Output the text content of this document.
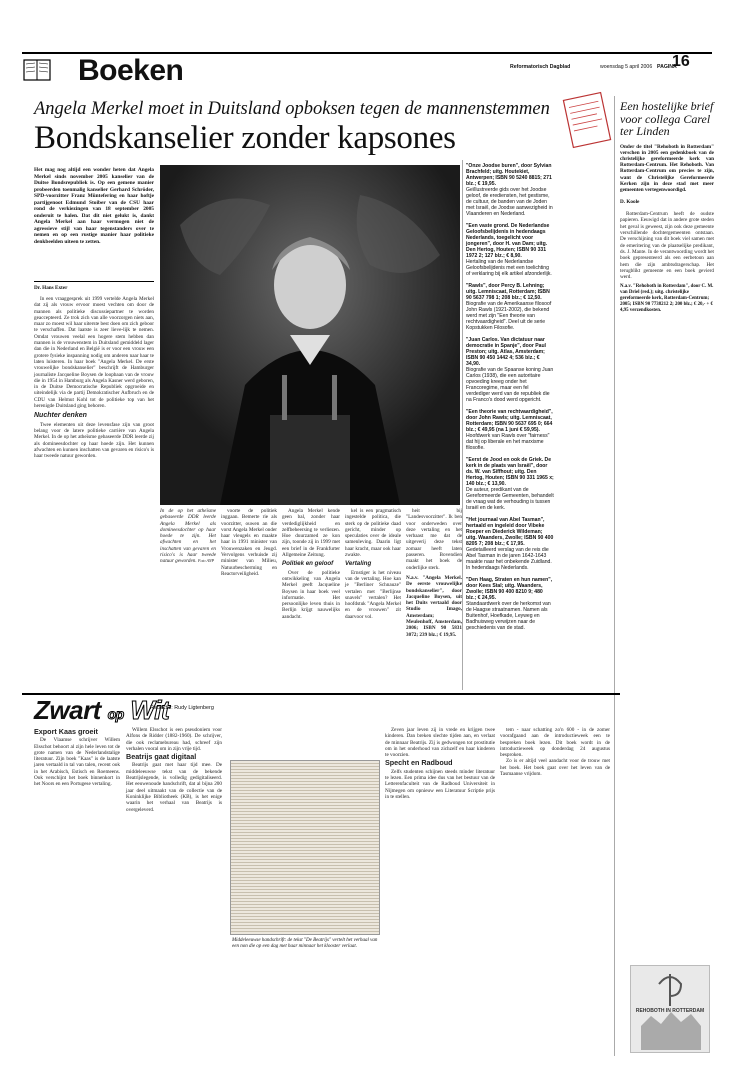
Boeken	Reformatorisch Dagblad	woensdag 5 april 2006 PAGINA
16
Angela Merkel moet in Duitsland opboksen tegen de mannenstemmen
Bondskanselier zonder kapsones
Het mag nog altijd een wonder heten dat Angela Merkel sinds november 2005 kanselier van de Duitse Bondsrepubliek is. Op een gemene manier probeerden toenmalig kanselier Gerhard Schröder, SPD-voorzitter Franz Müntefering en haar hoftje partijgenoot Edmund Stoiber van de CSU haar rond de verkiezingen van 18 september 2005 onderuit te halen. Dat dit niet gelukt is, dankt Angela Merkel aan haar vermogen niet de agressieve stijl van haar tegenstanders over te nemen en op een rustige manier haar politieke denkbeelden uiteen te zetten.
Dr. Hans Exter

In een vraaggesprek uit 1999 vertelde Angela Merkel dat zij als vrouw ervoor moest vechten om door de mannen als politieke discussiepartner te worden geaccepteerd. Ze trok zich van alle voorzorgen niets aan, maar zo moest wil haar uiterste best doen om zich geboor te verschaffen. Dat laatste is zeer lieve-lijk te nemen. Omdat vrouwen veelal een hogere stem hebben dan mannen is de vrouwenstem in Duitsland gemiddeld lager dan die in Nederland en België is er voor een vrouw een grotere fysieke inspanning nodig om anderen naar haar te laten luisteren. In haar boek "Angela Merkel. De erste vrouwelijke bondskanselier" beschrijft de Hamburger journaliste Jacqueline Boysen de loopbaan van de vrouw die in 1954 in Hamburg als Angela Kasner werd geboren, in de Duitse Democratische Republiek opgroeide en uiteindelijk via de partij Demokratischer Aufbruch en de CDU van Helmut Kohl tot de politieke top van het herenigde Duitsland ging behoren.

Nuchter denken

Twee elementen uit deze levensfase zijn van groot belang voor de latere politieke carrière van Angela Merkel. In de op het atheïsme gebaseerde DDR leerde zij als domineesdochter op haar hoede zijn. Het kunnen afwachten en kunnen inschatten van gevaren en risico's is haar tweede natuur geworden.

In de op het atheïsme gebaseerde DDR leerde Angela Merkel als domineesdochter op haar hoede te zijn. Het afwachten en het inschatten van gevaren en risico's is haar tweede natuur geworden. Foto ANP

voorte de politiek inggaan. Bemerte rie als voorzitter, ouwen an die vorst Angela Merkel onder haar vleugels en maakte haar in 1991 minister van Vrouwenzaken en Jeugd. Vervolgens verhuisde zij minister van Milieu, Natuurbescherming en Reactorveiligheid.

Angela Merkel kende geen bal, zonder haar verdediglijkheid en zelfbeheersing te verliezen. Hoe duurzamed ze kon zijn, toonde zij in 1999 met een brief in de Frankfurter Allgemeine Zeitung.

Politiek en geloof

Over de politieke ontwikkeling van Angela Merkel geeft Jacqueline Boysen in haar boek veel informatie. Het persoonlijke leven thuis in Berlijn krijgt nauwelijks aandacht.

kel is een pragmatisch ingestelde politica, die sterk op de politieke daad gericht, minder op speculaties over de ideale samenleving. Daarin ligt haar kracht, maar ook haar zwakte.

Vertaling

Ernstiger is het niveau van de vertaling. Hoe kan je "Berliner Schnauze" vertalen met "Berlijnse snavels" vertalen? Het hoofdstuk "Angela Merkel en de vrouwen" zit daarvoor vol.

heit bij "Landesvoorzitter". Ik ben voor onderweden over deze vertaling en het verbaast me dat de uitgeverij deze tekst zomaar heeft laten passeren. Bovendien maakt het boek de onderlijke sterk.

N.a.v. "Angela Merkel. De eerste vrouwelijke bondskanselier", door Jacqueline Boysen, uit het Duits vertaald door Studio Imago, Amsterdam; Meulenhoff, Amsterdam, 2006; ISBN 90 5831 3072; 239 blz.; € 19,95.

"Onze Joodse buren", door Sylvian Brachfeld; uitg. Houtekiet, Antwerpen; ISBN 90 5240 8815; 271 blz.; € 19,95.
Geïllustreerde gids over het Joodse geloof, de erediensten, het gestisme, de cultuur, de banden van de Joden met Israël, de Joodse aanwezigheid in Vlaanderen en Nederland.
"Een vaste grond. De Nederlandse Geloofsbelijdenis in hedendaags Nederlands, toegelicht voor jongeren", door H. van Dam; uitg. Den Hertog, Houten; ISBN 90 331 1972 2; 127 blz.; € 8,90.
Hertaling van de Nederlandse Geloofsbelijdenis met een toelichting of verklaring bij elk artikel afzonderlijk.
"Rawls", door Percy B. Lehning; uitg. Lemniscaat, Rotterdam; ISBN 90 5637 798 1; 208 blz.; € 12,50.
Biografie van de Amerikaanse filosoof John Rawls (1921-2002), die bekend werd met zijn "Een theorie van rechtvaardigheid". Deel uit de serie Kopstukken Filosofie.
"Juan Carlos. Van dictatuur naar democratie in Spanje", door Paul Preston; uitg. Atlas, Amsterdam; ISBN 90 450 1442 4; 536 blz.; € 34,90.
Biografie van de Spaanse koning Juan Carlos (1938), die een autoritaire opvoeding kreeg onder het Francoregime, maar een fel verdediger werd van de republiek die na Franco's dood werd opgericht.
"Een theorie van rechtvaardigheid", door John Rawls; uitg. Lemniscaat, Rotterdam; ISBN 90 5637 695 0; 664 blz.; € 49,95 (na 1 juni € 59,95).
Hoofdwerk van Rawls over "fairness" dat hij op liberale en het marxisme filosofie.
"Eerst de Jood en ook de Griek. De kerk in de plaats van Israël", door ds. W. van Siffhout; uitg. Den Hertog, Houten; ISBN 90 331 1965 x; 140 blz.; € 13,90.
De auteur, predikant van de Gereformeerde Gemeenten, behandelt de vraag wat de verhouding is tussen Israël en de kerk.
"Het journaal van Abel Tasman", hertaald en ingeleid door Vibeke Roeper en Diederick Wildeman; uitg. Waanders, Zwolle; ISBN 90 400 8205 7; 208 blz.; € 17,95.
Gedetailleerd verslag van de reis die Abel Tasman in de jaren 1642-1643 maakte naar het onbekende Zuidland. In hedendaags Nederlands.
"Den Haag, Straten en hun namen", door Kees Stal; uitg. Waanders, Zwolle; ISBN 90 400 8210 9; 480 blz.; € 24,95.
Standaardwerk over de herkomst van de Haagse straatnamen. Namen als Buitenhof, Hoefkade, Leyweg en Badhuisweg verwijzen naar de geschiedenis van de stad.
Een hostelijke brief voor collega Carel ter Linden
Onder de titel "Rehoboth in Rotterdam" verschen in 2005 een gedenkboek van de christelijke gereformeerde kerk van Rotterdam-Centrum. Het Rehoboth. Van Rotterdam-Centrum om precies te zijn, want de Christelijke Gereformeerde Kerken zijn in deze stad met meer gemeenten vertegenwoordigd.
D. Koole

Rotterdam-Centrum heeft de oudste papieren. Eeuwigd dat in andere grote steden het geval is geweest, zijn ook deze gemeente verschillende dochtergemeenten ontstaan. De verschijning van dit boek viel samen met de emeritering van de plaatselijke predikant, ds. J. Mante. In de verantwoording wordt het boek gepresenteerd als een eerbetoon aan hem die zijn ambtsdragerschap. Het terugblikt gemeente en een boek gevierd werd.

N.a.v. "Rehoboth in Rotterdam", door C. M. van Driel (red.); uitg. christelijke gereformeerde kerk, Rotterdam-Centrum; 2005; ISBN 90 7738212 2; 200 blz.; € 20,- + € 4,95 verzendkosten.
REHOBOTH IN ROTTERDAM
Zwart op Wit
Redactie: Rudy Ligtenberg
Export Kaas groeit

De Vlaamse schrijver Willem Elsschot behoort al zijn hele leven tot de grote namen van de Nederlandstalige literatuur. Zijn boek "Kaas" is de laatste jaren vertaald in tal van talen, recent ook in het Arabisch, Estisch en Roemeens. Ook verschijnt het boek binnenkort in het Noors en een Portugese vertaling.

Willem Elsschot is een pseudoniem voor Alfons de Ridder (1882-1960). De schrijver, die ook reclamebureau had, schreef zijn verhalen vooral om in zijn vrije tijd.

Beatrijs gaat digitaal

Beatrijs gaat met haar tijd mee. De middeleeuwse tekst van de bekende Beatrijslegende, is volledig gedigitaliseerd. Het eeuwenoude handschrift, dat al bijna 200 jaar deel uitmaakt van de collectie van de Koninklijke Bibliotheek (KB), is het enige waarin het verhaal van Beatrijs is overgeleverd.

Middeleeuwse handschrift: de tekst "De Beatrijs" vertelt het verhaal van een non die op een dag met haar minnaar het klooster verlaat.

Zeven jaar leven zij in vrede en krijgen twee kinderen. Dan breken slechte tijden aan, en verlaat de minnaar Beatrijs. Zij is gedwongen tot prostitutie om in het onderhoud van zichzelf en haar kinderen te voorzien.

Specht en Radboud

Zelfs studenten schijnen steeds minder literatuur te lezen. Een prima idee dus van het bestuur van de Letterenfaculteit van de Radboud Universiteit in Nijmegen om opnieuw een Literatuur Scriptie prijs in te stellen.

tem - naar schatting zo'n 600 - in de zomer voorafgaand aan de introductieweek een te bespreken boek lezen. Dit boek wordt in de introductieweek op donderdag 24 augustus besproken.

Zo is er altijd veel aandacht voor de trouw met het boek. Het boek gaat over het leven van de Tasmaanse vrijdom.
